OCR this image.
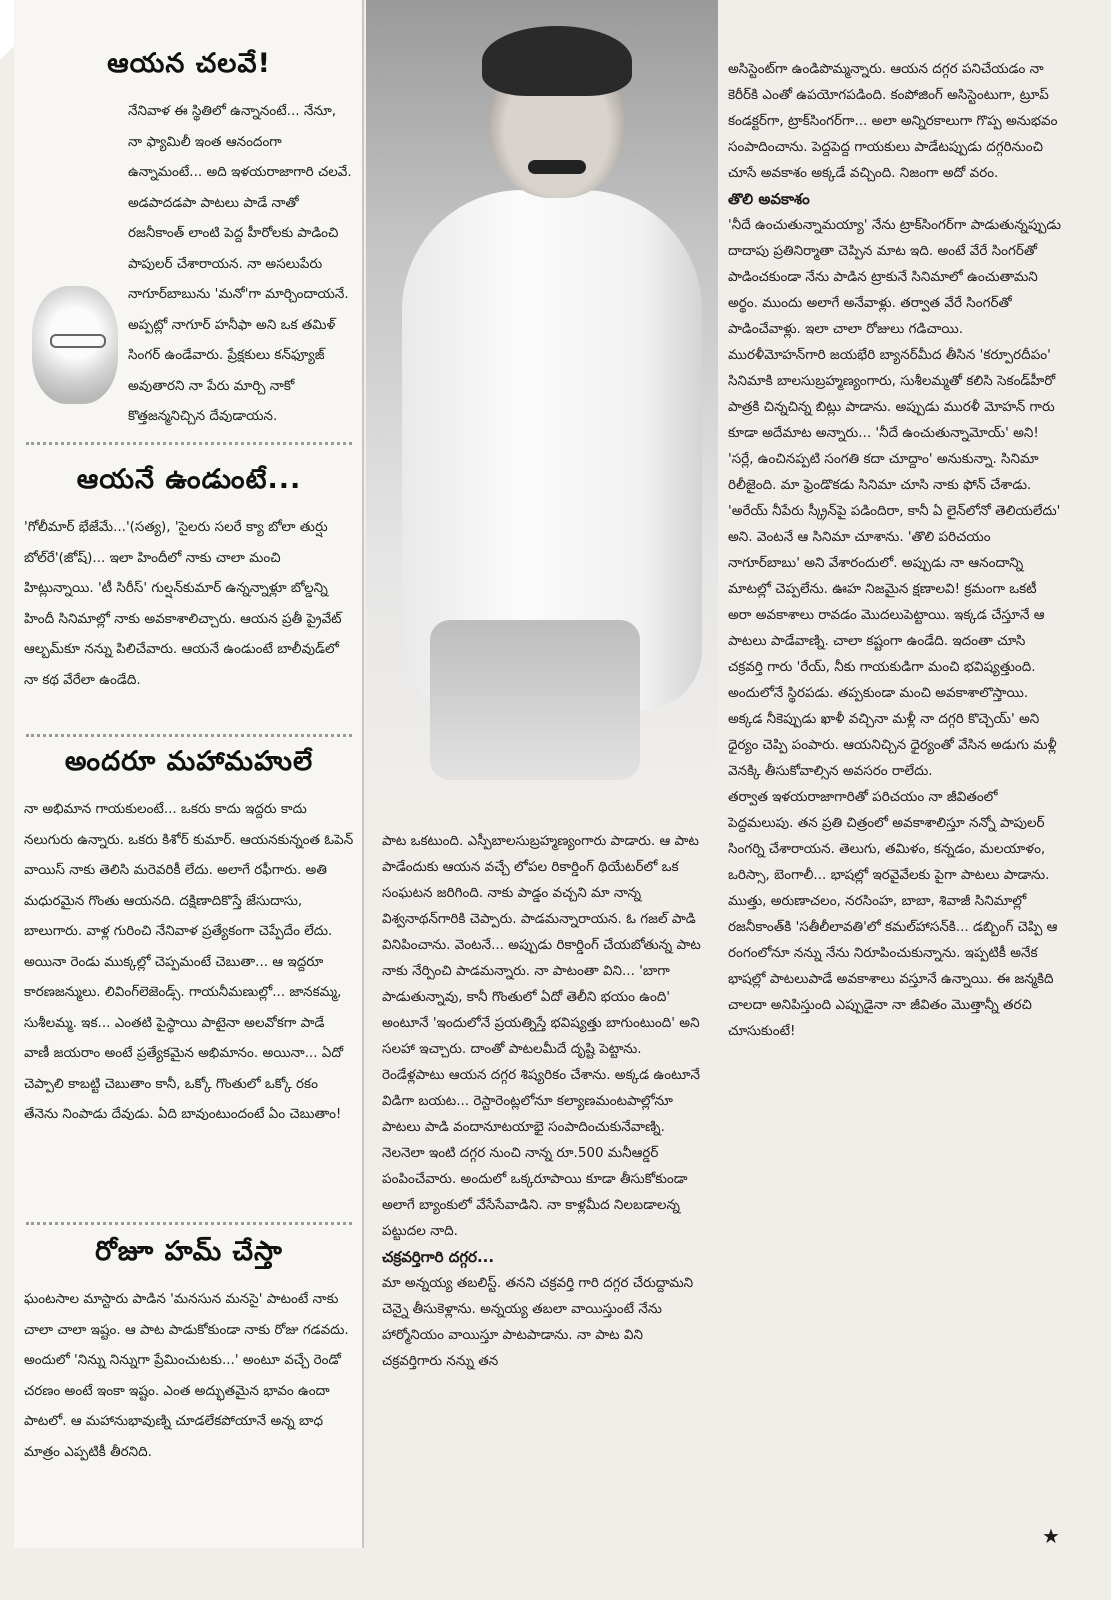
ఆయన చలవే!

నేనివాళ ఈ స్థితిలో ఉన్నానంటే... నేనూ, నా ఫ్యామిలీ ఇంత ఆనందంగా ఉన్నామంటే... అది ఇళయరాజాగారి చలవే. అడపాదడపా పాటలు పాడే నాతో రజనీకాంత్ లాంటి పెద్ద హీరోలకు పాడించి పాపులర్ చేశారాయన. నా అసలుపేరు నాగూర్‌బాబును 'మనో'గా మార్చిందాయనే. అప్పట్లో నాగూర్ హనీఫా అని ఒక తమిళ్ సింగర్ ఉండేవారు. ప్రేక్షకులు కన్‌ఫ్యూజ్ అవుతారని నా పేరు మార్చి నాకో కొత్తజన్మనిచ్చిన దేవుడాయన.

ఆయనే ఉండుంటే...

'గోలీమార్ భేజేమే...'(సత్య), 'సైలరు సలరే క్యా బోలా తుర్షు బోల్‌రే'(జోష్)... ఇలా హిందీలో నాకు చాలా మంచి హిట్లున్నాయి. 'టీ సిరీస్' గుల్షన్‌కుమార్ ఉన్నన్నాళ్లూ బోల్డన్ని హిందీ సినిమాల్లో నాకు అవకాశాలిచ్చారు. ఆయన ప్రతీ ప్రైవేట్ ఆల్బమ్‌కూ నన్ను పిలిచేవారు. ఆయనే ఉండుంటే బాలీవుడ్‌లో నా కథ వేరేలా ఉండేది.

అందరూ మహామహులే

నా అభిమాన గాయకులంటే... ఒకరు కాదు ఇద్దరు కాదు నలుగురు ఉన్నారు. ఒకరు కిశోర్ కుమార్. ఆయనకున్నంత ఓపెన్ వాయిస్ నాకు తెలిసి మరెవరికీ లేదు. అలాగే రఫీగారు. అతి మధురమైన గొంతు ఆయనది. దక్షిణాదికొస్తే జేసుదాసు, బాలుగారు. వాళ్ల గురించి నేనివాళ ప్రత్యేకంగా చెప్పేదేం లేదు. అయినా రెండు ముక్కల్లో చెప్పమంటే చెబుతా... ఆ ఇద్దరూ కారణజన్ములు. లివింగ్‌లెజెండ్స్. గాయనీమణుల్లో... జానకమ్మ, సుశీలమ్మ. ఇక... ఎంతటి పైస్థాయి పాటైనా అలవోకగా పాడే వాణీ జయరాం అంటే ప్రత్యేకమైన అభిమానం. అయినా... ఏదో చెప్పాలి కాబట్టి చెబుతాం కానీ, ఒక్కో గొంతులో ఒక్కో రకం తేనెను నింపాడు దేవుడు. ఏది బావుంటుందంటే ఏం చెబుతాం!

రోజూ హమ్ చేస్తా

ఘంటసాల మాస్టారు పాడిన 'మనసున మనసై' పాటంటే నాకు చాలా చాలా ఇష్టం. ఆ పాట పాడుకోకుండా నాకు రోజు గడవదు. అందులో 'నిన్ను నిన్నుగా ప్రేమించుటకు...' అంటూ వచ్చే రెండో చరణం అంటే ఇంకా ఇష్టం. ఎంత అద్భుతమైన భావం ఉందా పాటలో. ఆ మహానుభావుణ్ని చూడలేకపోయానే అన్న బాధ మాత్రం ఎప్పటికీ తీరనిది.

పాట ఒకటుంది. ఎస్పీబాలసుబ్రహ్మణ్యంగారు పాడారు. ఆ పాట పాడేందుకు ఆయన వచ్చే లోపల రికార్డింగ్ థియేటర్‌లో ఒక సంఘటన జరిగింది. నాకు పాడ్డం వచ్చని మా నాన్న విశ్వనాథన్‌గారికి చెప్పారు. పాడమన్నారాయన. ఓ గజల్ పాడి వినిపించాను. వెంటనే... అప్పుడు రికార్డింగ్ చేయబోతున్న పాట నాకు నేర్పించి పాడమన్నారు. నా పాటంతా విని... 'బాగా పాడుతున్నావు, కానీ గొంతులో ఏదో తెలీని భయం ఉంది' అంటూనే 'ఇందులోనే ప్రయత్నిస్తే భవిష్యత్తు బాగుంటుంది' అని సలహా ఇచ్చారు. దాంతో పాటలమీదే దృష్టి పెట్టాను. రెండేళ్లపాటు ఆయన దగ్గర శిష్యరికం చేశాను. అక్కడ ఉంటూనే విడిగా బయట... రెస్టారెంట్లలోనూ కల్యాణమంటపాల్లోనూ పాటలు పాడి వందానూటయాభై సంపాదించుకునేవాణ్ని. నెలనెలా ఇంటి దగ్గర నుంచి నాన్న రూ.500 మనీఆర్డర్ పంపించేవారు. అందులో ఒక్కరూపాయి కూడా తీసుకోకుండా అలాగే బ్యాంకులో వేసేసేవాడిని. నా కాళ్లమీద నిలబడాలన్న పట్టుదల నాది.

చక్రవర్తిగారి దగ్గర...

మా అన్నయ్య తబలిస్ట్. తనని చక్రవర్తి గారి దగ్గర చేరుద్దామని చెన్నై తీసుకెళ్లాను. అన్నయ్య తబలా వాయిస్తుంటే నేను హార్మోనియం వాయిస్తూ పాటపాడాను. నా పాట విని చక్రవర్తిగారు నన్ను తన

అసిస్టెంట్‌గా ఉండిపొమ్మన్నారు. ఆయన దగ్గర పనిచేయడం నా కెరీర్‌కి ఎంతో ఉపయోగపడింది. కంపోజింగ్ అసిస్టెంటుగా, ట్రూప్ కండక్టర్‌గా, ట్రాక్‌సింగర్‌గా... అలా అన్నిరకాలుగా గొప్ప అనుభవం సంపాదించాను. పెద్దపెద్ద గాయకులు పాడేటప్పుడు దగ్గరినుంచి చూసే అవకాశం అక్కడే వచ్చింది. నిజంగా అదో వరం.

తొలి అవకాశం

'నీదే ఉంచుతున్నామయ్యా' నేను ట్రాక్‌సింగర్‌గా పాడుతున్నప్పుడు దాదాపు ప్రతినిర్మాతా చెప్పిన మాట ఇది. అంటే వేరే సింగర్‌తో పాడించకుండా నేను పాడిన ట్రాకునే సినిమాలో ఉంచుతామని అర్థం. ముందు అలాగే అనేవాళ్లు. తర్వాత వేరే సింగర్‌తో పాడించేవాళ్లు. ఇలా చాలా రోజులు గడిచాయి. మురళీమోహన్‌గారి జయభేరి బ్యానర్‌మీద తీసిన 'కర్పూరదీపం' సినిమాకి బాలసుబ్రహ్మణ్యంగారు, సుశీలమ్మతో కలిసి సెకండ్‌హీరో పాత్రకి చిన్నచిన్న బిట్లు పాడాను. అప్పుడు మురళీ మోహన్ గారు కూడా అదేమాట అన్నారు... 'నీదే ఉంచుతున్నామోయ్' అని!

'సర్లే, ఉంచినప్పటి సంగతి కదా చూద్దాం' అనుకున్నా. సినిమా రిలీజైంది. మా ఫ్రెండొకడు సినిమా చూసి నాకు ఫోన్ చేశాడు. 'అరేయ్ నీపేరు స్క్రీన్‌పై పడిందిరా, కానీ ఏ లైన్‌లోనో తెలియలేదు' అని. వెంటనే ఆ సినిమా చూశాను. 'తొలి పరిచయం నాగూర్‌బాబు' అని వేశారందులో. అప్పుడు నా ఆనందాన్ని మాటల్లో చెప్పలేను. ఊహ నిజమైన క్షణాలవి! క్రమంగా ఒకటీ అరా అవకాశాలు రావడం మొదలుపెట్టాయి. ఇక్కడ చేస్తూనే ఆ పాటలు పాడేవాణ్ని. చాలా కష్టంగా ఉండేది. ఇదంతా చూసి చక్రవర్తి గారు 'రేయ్, నీకు గాయకుడిగా మంచి భవిష్యత్తుంది. అందులోనే స్థిరపడు. తప్పకుండా మంచి అవకాశాలొస్తాయి. అక్కడ నీకెప్పుడు ఖాళీ వచ్చినా మళ్లీ నా దగ్గరి కొచ్చెయ్' అని ధైర్యం చెప్పి పంపారు. ఆయనిచ్చిన ధైర్యంతో వేసిన అడుగు మళ్లీ వెనక్కి తీసుకోవాల్సిన అవసరం రాలేదు.

తర్వాత ఇళయరాజాగారితో పరిచయం నా జీవితంలో పెద్దమలుపు. తన ప్రతి చిత్రంలో అవకాశాలిస్తూ నన్నో పాపులర్ సింగర్ని చేశారాయన. తెలుగు, తమిళం, కన్నడం, మలయాళం, ఒరిస్సా, బెంగాలీ... భాషల్లో ఇరవైవేలకు పైగా పాటలు పాడాను. ముత్తు, అరుణాచలం, నరసింహ, బాబా, శివాజీ సినిమాల్లో రజనీకాంత్‌కి 'సతీలీలావతి'లో కమల్‌హాసన్‌కి... డబ్బింగ్ చెప్పి ఆ రంగంలోనూ నన్ను నేను నిరూపించుకున్నాను. ఇప్పటికీ అనేక భాషల్లో పాటలుపాడే అవకాశాలు వస్తూనే ఉన్నాయి. ఈ జన్మకిది చాలదా అనిపిస్తుంది ఎప్పుడైనా నా జీవితం మొత్తాన్నీ తరచి చూసుకుంటే!

★
